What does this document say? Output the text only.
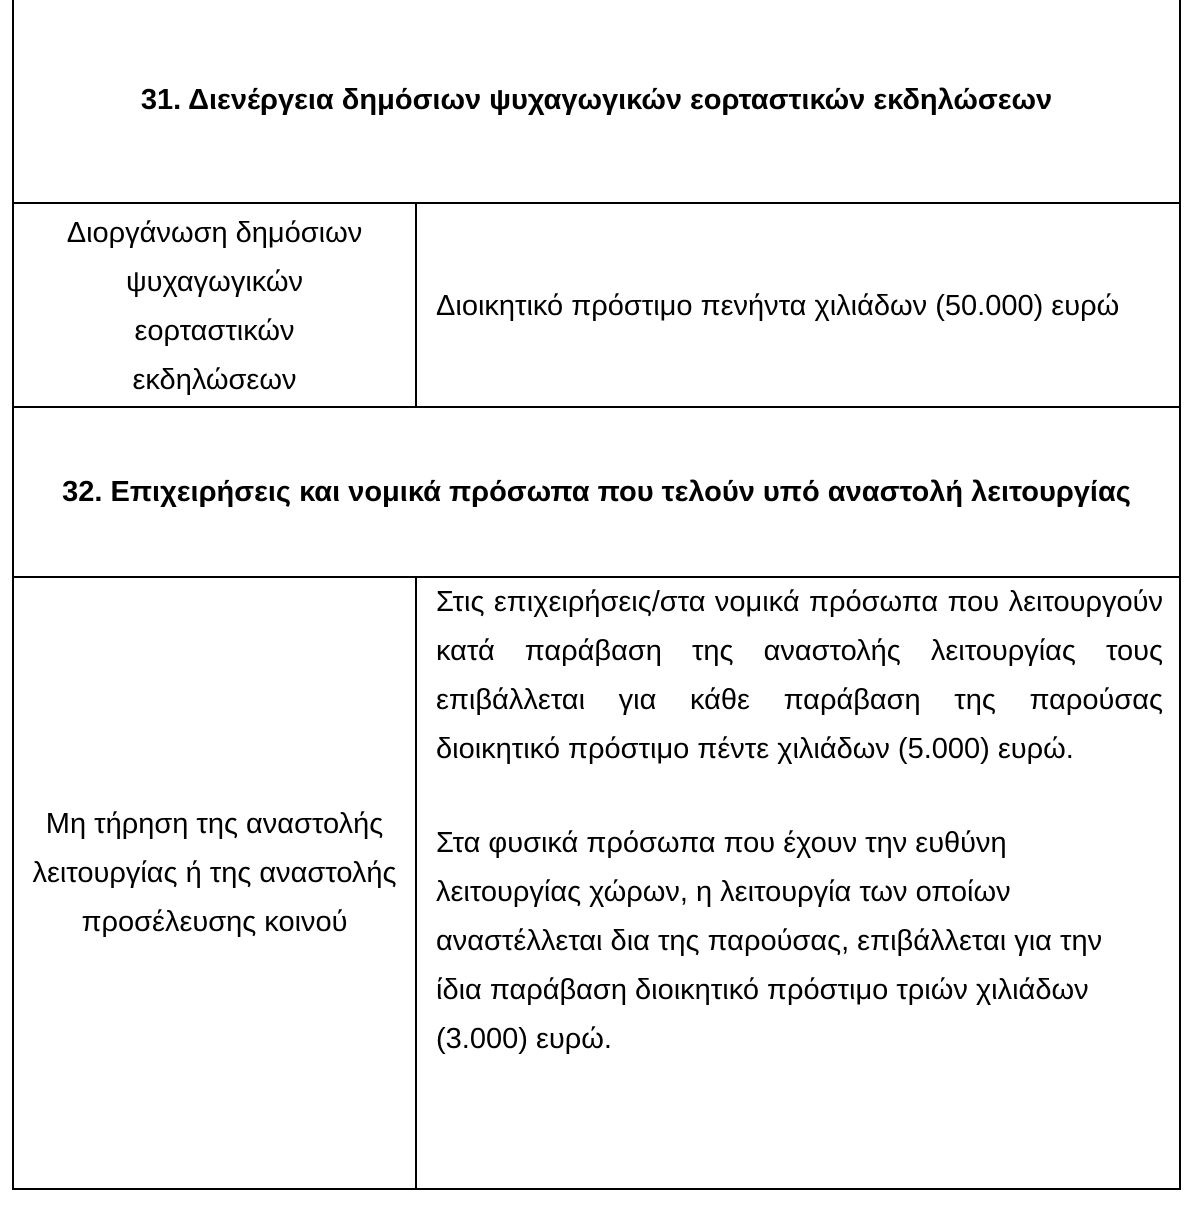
31. Διενέργεια δημόσιων ψυχαγωγικών εορταστικών εκδηλώσεων
Διοργάνωση δημόσιων ψυχαγωγικών εορταστικών εκδηλώσεων
Διοικητικό πρόστιμο πενήντα χιλιάδων (50.000) ευρώ
32. Επιχειρήσεις και νομικά πρόσωπα που τελούν υπό αναστολή λειτουργίας
Μη τήρηση της αναστολής λειτουργίας ή της αναστολής προσέλευσης κοινού

Στις επιχειρήσεις/στα νομικά πρόσωπα που λειτουργούν κατά παράβαση της αναστολής λειτουργίας τους επιβάλλεται για κάθε παράβαση της παρούσας διοικητικό πρόστιμο πέντε χιλιάδων (5.000) ευρώ.

Στα φυσικά πρόσωπα που έχουν την ευθύνη λειτουργίας χώρων, η λειτουργία των οποίων αναστέλλεται δια της παρούσας, επιβάλλεται για την ίδια παράβαση διοικητικό πρόστιμο τριών χιλιάδων (3.000) ευρώ.
